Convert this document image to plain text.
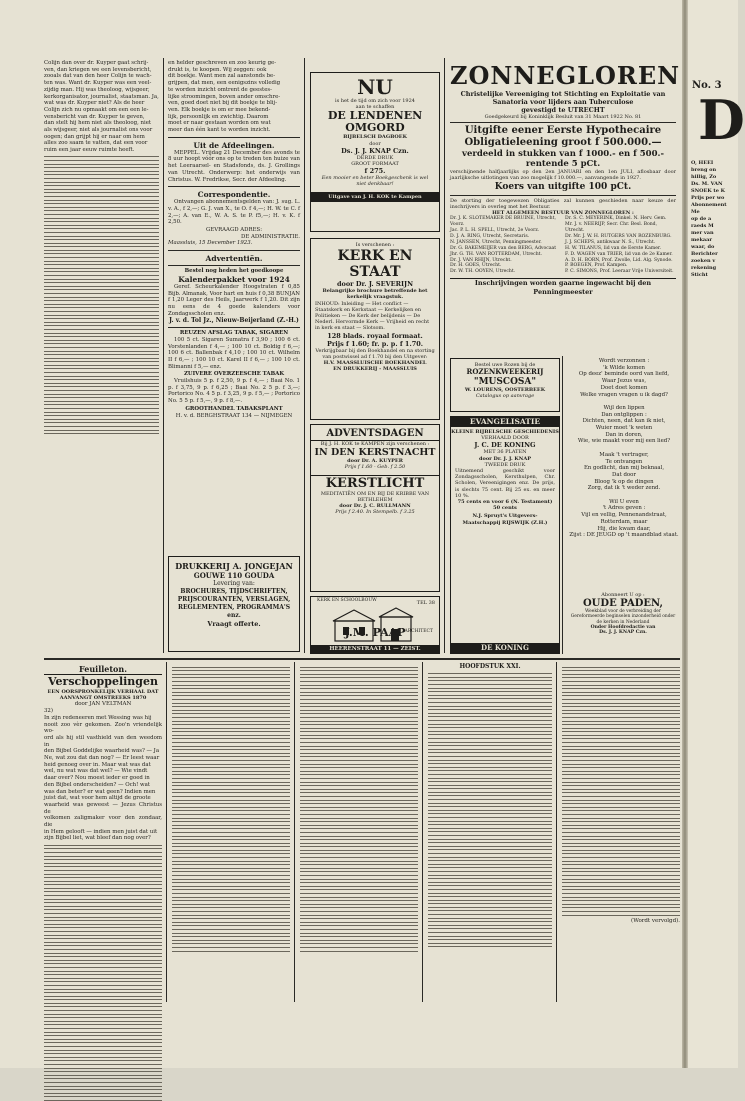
Colijn dan over dr. Kuyper gaat schrij-
ven, dan kriegen we een levensbericht,
zooals dat van den heer Colijn te wach-
ten was. Want dr. Kuyper was een veel-
zijdig man. Hij was theoloog, wijsgeer,
kerkorganisator, journalist, staatsman. Ja,
wat was dr. Kuyper niet? Als de heer
Colijn zich nu opmaakt om een een le-
vensbericht van dr. Kuyper te geven,
dan stelt hij hem niet als theoloog, niet
als wijsgeer, niet als journalist ons voor
oogen; dan grijpt hij er naar om hem
alles zoo saam te vatten, dat een voor
ruim een jaar eeuw ruimte heeft.
en helder geschreven en zoo keurig ge-
drukt is, te koopen. Wij zeggen: ook
dit boekje. Want men zal aanstonds be-
grijpen, dat men, een eenigszins volledig
te worden inzicht omtrent de geestes-
lijke stroomingen, boven ander omschre-
ven, goed doet niet bij dit boekje te blij-
ven. Elk boekje is om er mee bekend-
lijk, persoonlijk en zwichtig. Daarom
moet er naar gestaan worden om wat
meer dan één kant te worden inzicht.
Uit de Afdeelingen.

MEPPEL. Vrijdag 21 December des avonds te 8 uur hoopt vóór ons op te treden ten huize van het Leeraarsel- en Stadsfonds, ds. J. Grollings van Utrecht. Onderwerp: het onderwijs van Christus. W. Fredrikse, Secr. der Afdeeling.

Correspondentie.

Ontvangen abonnementsgelden van: J. sug. L. v. A., f 2,—; G. J. van X., te O. f 4,—; H. W. te C. f 2,—; A. van E., W. A. S. te P. f5,—; H. v. K. f 2,50.

GEVRAAGD ADRES:
DE ADMINISTRATIE.
Maassluis, 15 December 1923.
Advertentiën.
Bestel nog heden het goedkoope
Kalenderpakket voor 1924

Geref. Scheurkalender Hoogstraten f 0,85 Bijb. Almanak, Voor hart en huis f 0,38 BUNJAN f 1,20 Leger des Heils, Jaarwerk f 1,20. Dit zijn nu eens de 4 goede kalenders voor Zondagsscholen enz.

J. v. d. Tol Jz., Nieuw-Beijerland (Z.-H.)
REUZEN AFSLAG TABAK, SIGAREN

100 5 ct. Sigaren Sumatra f 3,90 ; 100 6 ct. Vorstenlanden f 4,— ; 100 10 ct. Boldig f 6,—; 100 6 ct. Ballenbak f 4,10 ; 100 10 ct. Wilhelm II f 6,— ; 100 10 ct. Karel II f 6,— ; 100 10 ct. Blimanni f 5,— enz.

ZUIVERE OVERZEESCHE TABAK

Vruilshuis 5 p. f 2,50, 9 p. f 4,— ; Baai No. 1 p. f 3,75, 9 p. f 6,25 ; Baai No. 2 5 p. f 3,—; Portorico No. 4 5 p. f 3,25, 9 p. f 5,— ; Portorico No. 5 5 p. f 5,—, 9 p. f 8,—.

GROOTHANDEL TABAKSPLANT
H. v. d. BERGHSTRAAT 134 — NIJMEGEN
DRUKKERIJ A. JONGEJAN
GOUWE 110 GOUDA
Levering van:
BROCHURES, TIJDSCHRIFTEN, PRIJSCOURANTEN, VERSLAGEN, REGLEMENTEN, PROGRAMMA'S enz.
Vraagt offerte.
NU
is het de tijd om zich voor 1924
aan te schaffen
DE LENDENEN
OMGORD
BIJBELSCH DAGBOEK
door
Ds. J. J. KNAP Czn.
DERDE DRUK
GROOT FORMAAT
f 275.
Een mooier en beter Boekgeschenk is wel niet denkbaar!
Uitgave van J. H. KOK te Kampen
Is verschenen :
KERK EN STAAT
door Dr. J. SEVERIJN
Belangrijke brochure betreffende het kerkelijk vraagstuk.
INHOUD: Inleiding — Het conflict — Staatskerk en Kerkstaat — Kerkelijken en Politieken — De Kerk der belijdenis — De Nederl. Hervormde Kerk — Vrijheid en recht in kerk en staat — Slotsom.
128 blads. royaal formaat.
Prijs f 1.60; fr. p. p. f 1.70.
Verkrijgbaar bij den Boekhandel en na storting van postwissel ad f 1.70 bij den Uitgever:
H.V. MAASSLUISCHE BOEKHANDEL
EN DRUKKERIJ - MAASSLUIS
ADVENTSDAGEN
Bij J. H. KOK te KAMPEN zijn verschenen :
IN DEN KERSTNACHT
door Dr. A. KUYPER
Prijs f 1.60 - Geb. f 2.50
KERSTLICHT
MEDITATIËN OM EN BIJ DE KRIBBE VAN BETHLEHEM
door Dr. J. C. RULLMANN
Prijs f 2.40. In Stempelb. f 3.25
TEL 38
KERK EN SCHOOLBOUW
J.M. PAAP ARCHITECT
HEERENSTRAAT 11 — ZEIST.
ZONNEGLOREN
Christelijke Vereeniging tot Stichting en Exploitatie van Sanatoria voor lijders aan Tuberculose
gevestigd te UTRECHT
Goedgekeurd bij Koninklijk Besluit van 31 Maart 1922 No. 81
Uitgifte eener Eerste Hypothecaire Obligatieleening groot f 500.000.—
verdeeld in stukken van f 1000.- en f 500.-
rentende 5 pCt.
verschijnende halfjaarlijks op den 2en JANUARI en den 1en JULI, aflosbaar door jaarlijksche uitlotingen van zoo mogelijk f 10.000.—, aanvangende in 1927.
Koers van uitgifte 100 pCt.
De storting der toegewezen Obligaties zal kunnen geschieden naar keuze der inschrijvers in overleg met het Bestuur.
HET ALGEMEEN BESTUUR VAN ZONNEGLOREN :
Dr. J. K. SLOTEMAKER DE BRUINE, Utrecht, Voorz.
Jac. P. L. H. SPELL, Utrecht, 2e Voorz.
D. J. A. RING, Utrecht, Secretaris.
N. JANSSEN, Utrecht, Penningmeester.
Dr. G. BAKEMEIJER van den BERG, Advocaat
Jhr. G. TH. VAN ROTTERDAM, Utrecht.
Dr. J. VAN RHIJN, Utrecht.
Dr. H. GOES, Utrecht.
Dr. W. TH. OOYEN, Utrecht.
Dr. S. C. MEYERINK, Dinkel. N. Herv. Gem.
Mr. J. v. NEERIJP, Secr. Chr. Besl. Bond, Utrecht.
Dr. Mr. J. W. H. RUTGERS VAN ROZENBURG.
J. J. SCHEPS, antikwaar N. S., Utrecht.
H. W. TILANUS, lid van de Eerste Kamer.
F. D. WAGEN van TRIER, lid van de 2e Kamer.
A. D. H. BORN, Prof. Zwolle, Lid. Alg. Synode.
P. BOEGEN, Prof. Kampen.
P. C. SIMONS, Prof. Leeraar Vrije Universiteit.
Inschrijvingen worden gaarne ingewacht bij den Penningmeester
Bestel uwe Rozen bij de
ROZENKWEEKERIJ
"MUSCOSA"
W. LOURENS, OOSTERBEEK
Catalogus op aanvrage
EVANGELISATIE
KLEINE BIJBELSCHE GESCHIEDENIS
VERHAALD DOOR
J. C. DE KONING
MET 36 PLATEN
door Dr. J. J. KNAP
TWEEDE DRUK
Uitnemend geschikt voor Zondagsscholen, Kersthulpen, Chr. Scholen, Vereenigingen enz. De prijs, is slechts 75 cent. Bij 25 ex. en meer 10 %.
75 cents en voor 6 (N. Testament) 50 cents
N.J. Spruyt's Uitgevers-Maatschappij RIJSWIJK (Z.H.)
DE KONING
Wordt verzonnen :
'k Wilde komen
Op deez' beminde oord van liefd,
Waar Jezus was,
Doet doet komen
Welke vragen vragen u ik dagd?
Wijl den lippen
Dan ontglippen :
Dichten, neen, dat kan ik niet,
Wuier moet 'k weten
Dan in doren,
Wie, wie maakt voor mij een lied?
Maak 't vertrager,
Te ontvangen
En godlicht, dan mij beknaal,
Dat door
Bloog 'k op de dingen
Zorg, dat ik 't weder zend.
Wil U even
't Adres geven :
Vijl en vellig, Pennenandstraat,
Rotterdam, maar
Hij, die kwam daar,
Zijst : DE JEUGD op 't maandblad staat.
Abonneert U op :
OUDE PADEN,
Weekblad voor de verbreiding der Gereformeerde beginselen inzonderheid onder de kerken in Nederland
Onder Hoofdredactie van
Ds. J. J. KNAP Czn.
Feuilleton.
Verschoppelingen
EEN OORSPRONKELIJK VERHAAL DAT AANVANGT OMSTREEKS 1870
door JAN VELTMAN
32)
In zijn redeneeren met Wessing was hij
nooit zoo vèr gekomen. Zoo'n vriendelijk wo-
ord als hij stil vasthield van den weedom in
den Bijbel Goddelijke waarheid was? — Ja
Ne, wat zou dat dan nog? — Er leest waar
heid genoeg over in. Maar wat was dat
wel, nu wat was dat wel? — Wie vindt
daar over? Nou moest ieder er goed in
den Bijbel onderscheiden? — Och! wat
was dan beter? er wat geen? Indien men
juist dat, wat voor hem altijd de groote
waarheid was geweest — Jezus Christus de
volkomen zaligmaker voor den zondaar, die
in Hem gelooft — indien men juist dat uit
zijn Bijbel liet, wat bleef dan nog over?
HOOFDSTUK XXI.
(Wordt vervolgd).
No. 3
D
O, HEEI
breng on
hillig, Zo
Ds. M. VAN
SNOEK te K
Prijs per wo
Abonnement
Me
op de a
raeds M
mer van
mekaar
waar, do
Berichter
zoeken v
rekening
Sticht
